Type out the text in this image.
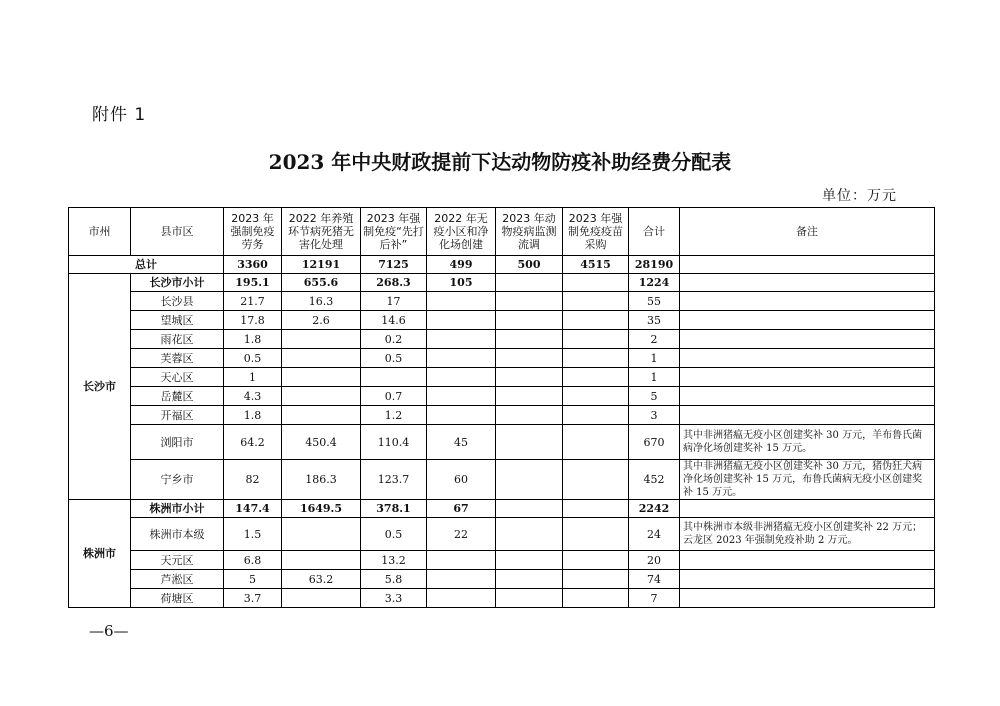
附件 1
2023 年中央财政提前下达动物防疫补助经费分配表
单位：万元
市州	县市区	2023 年强制免疫劳务	2022 年养殖环节病死猪无害化处理	2023 年强制免疫“先打后补”	2022 年无疫小区和净化场创建	2023 年动物疫病监测流调	2023 年强制免疫疫苗采购	合计	备注
总计		3360	12191	7125	499	500	4515	28190	
长沙市	长沙市小计	195.1	655.6	268.3	105			1224	
	长沙县	21.7	16.3	17				55	
	望城区	17.8	2.6	14.6				35	
	雨花区	1.8		0.2				2	
	芙蓉区	0.5		0.5				1	
	天心区	1						1	
	岳麓区	4.3		0.7				5	
	开福区	1.8		1.2				3	
	浏阳市	64.2	450.4	110.4	45			670	其中非洲猪瘟无疫小区创建奖补 30 万元，羊布鲁氏菌病净化场创建奖补 15 万元。
	宁乡市	82	186.3	123.7	60			452	其中非洲猪瘟无疫小区创建奖补 30 万元，猪伪狂犬病净化场创建奖补 15 万元，布鲁氏菌病无疫小区创建奖补 15 万元。
株洲市	株洲市小计	147.4	1649.5	378.1	67			2242	
	株洲市本级	1.5		0.5	22			24	其中株洲市本级非洲猪瘟无疫小区创建奖补 22 万元；云龙区 2023 年强制免疫补助 2 万元。
	天元区	6.8		13.2				20	
	芦淞区	5	63.2	5.8				74	
	荷塘区	3.7		3.3				7	
—6—
